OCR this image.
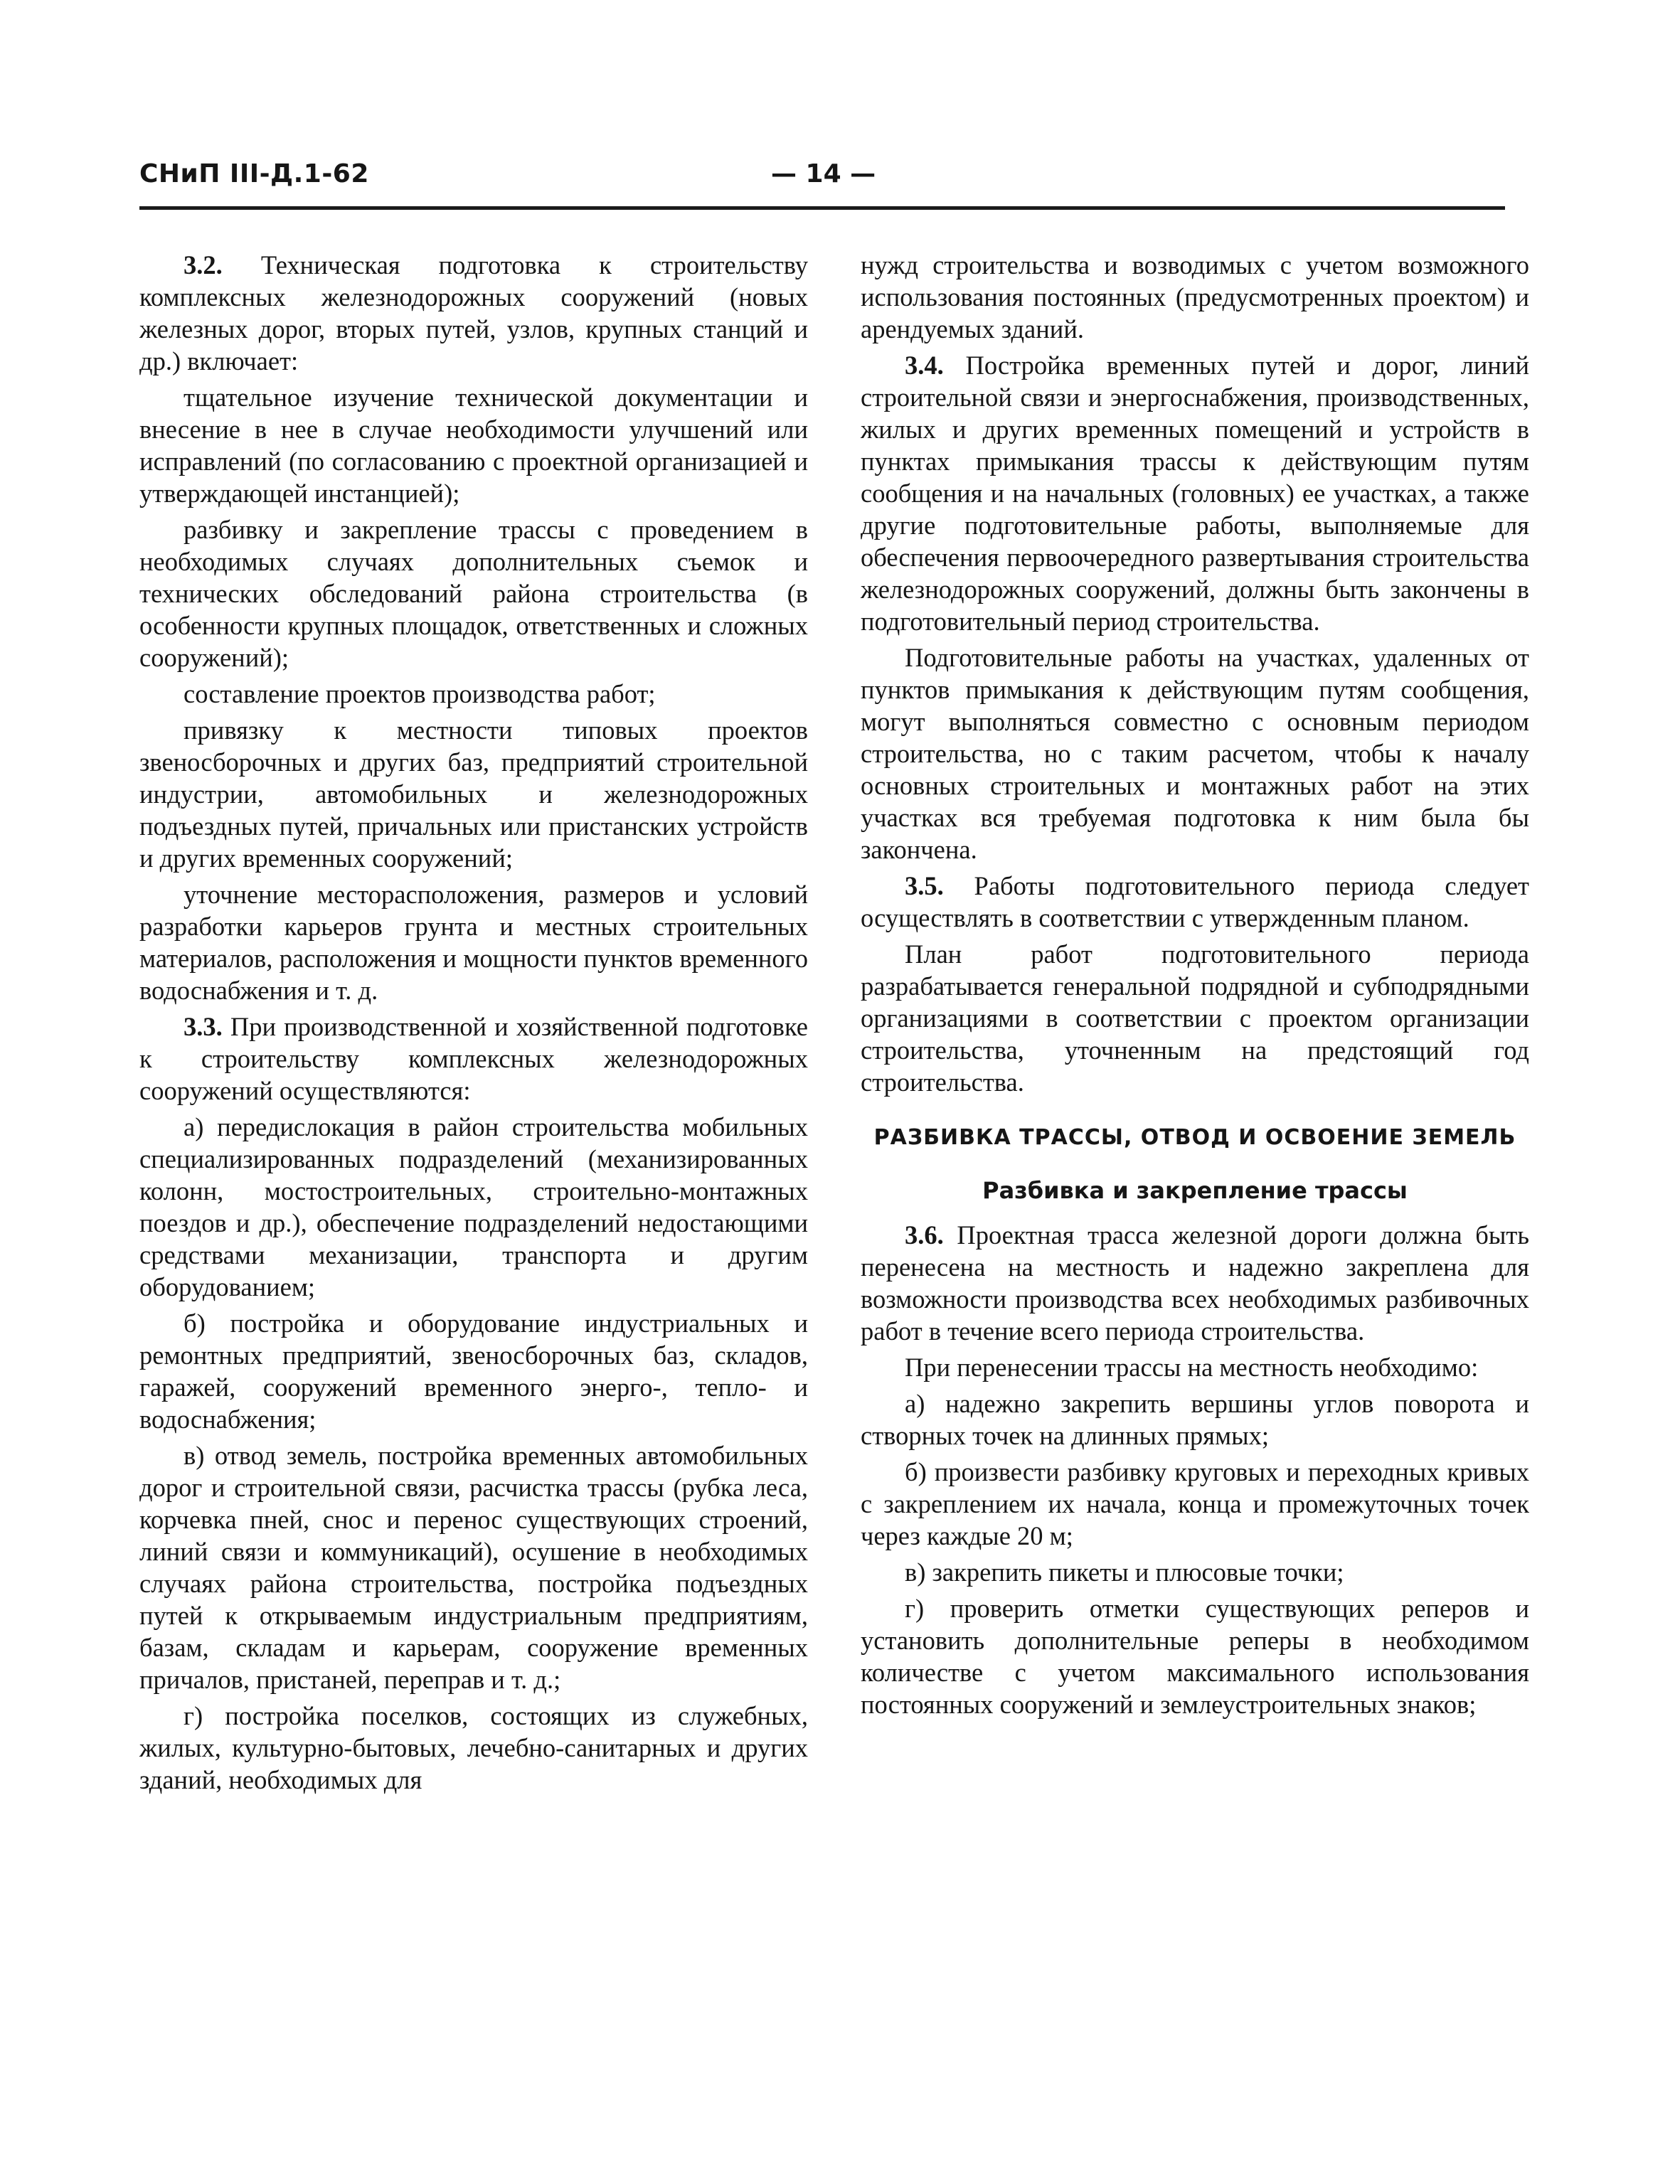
СНиП III-Д.1-62	— 14 —

3.2. Техническая подготовка к строительству комплексных железнодорожных сооружений (новых железных дорог, вторых путей, узлов, крупных станций и др.) включает:

тщательное изучение технической документации и внесение в нее в случае необходимости улучшений или исправлений (по согласованию с проектной организацией и утверждающей инстанцией);

разбивку и закрепление трассы с проведением в необходимых случаях дополнительных съемок и технических обследований района строительства (в особенности крупных площадок, ответственных и сложных сооружений);

составление проектов производства работ;

привязку к местности типовых проектов звеносборочных и других баз, предприятий строительной индустрии, автомобильных и железнодорожных подъездных путей, причальных или пристанских устройств и других временных сооружений;

уточнение месторасположения, размеров и условий разработки карьеров грунта и местных строительных материалов, расположения и мощности пунктов временного водоснабжения и т. д.

3.3. При производственной и хозяйственной подготовке к строительству комплексных железнодорожных сооружений осуществляются:

а) передислокация в район строительства мобильных специализированных подразделений (механизированных колонн, мостостроительных, строительно-монтажных поездов и др.), обеспечение подразделений недостающими средствами механизации, транспорта и другим оборудованием;

б) постройка и оборудование индустриальных и ремонтных предприятий, звеносборочных баз, складов, гаражей, сооружений временного энерго-, тепло- и водоснабжения;

в) отвод земель, постройка временных автомобильных дорог и строительной связи, расчистка трассы (рубка леса, корчевка пней, снос и перенос существующих строений, линий связи и коммуникаций), осушение в необходимых случаях района строительства, постройка подъездных путей к открываемым индустриальным предприятиям, базам, складам и карьерам, сооружение временных причалов, пристаней, переправ и т. д.;

г) постройка поселков, состоящих из служебных, жилых, культурно-бытовых, лечебно-санитарных и других зданий, необходимых для

нужд строительства и возводимых с учетом возможного использования постоянных (предусмотренных проектом) и арендуемых зданий.

3.4. Постройка временных путей и дорог, линий строительной связи и энергоснабжения, производственных, жилых и других временных помещений и устройств в пунктах примыкания трассы к действующим путям сообщения и на начальных (головных) ее участках, а также другие подготовительные работы, выполняемые для обеспечения первоочередного развертывания строительства железнодорожных сооружений, должны быть закончены в подготовительный период строительства.

Подготовительные работы на участках, удаленных от пунктов примыкания к действующим путям сообщения, могут выполняться совместно с основным периодом строительства, но с таким расчетом, чтобы к началу основных строительных и монтажных работ на этих участках вся требуемая подготовка к ним была бы закончена.

3.5. Работы подготовительного периода следует осуществлять в соответствии с утвержденным планом.

План работ подготовительного периода разрабатывается генеральной подрядной и субподрядными организациями в соответствии с проектом организации строительства, уточненным на предстоящий год строительства.

РАЗБИВКА ТРАССЫ, ОТВОД И ОСВОЕНИЕ ЗЕМЕЛЬ
Разбивка и закрепление трассы

3.6. Проектная трасса железной дороги должна быть перенесена на местность и надежно закреплена для возможности производства всех необходимых разбивочных работ в течение всего периода строительства.

При перенесении трассы на местность необходимо:

а) надежно закрепить вершины углов поворота и створных точек на длинных прямых;

б) произвести разбивку круговых и переходных кривых с закреплением их начала, конца и промежуточных точек через каждые 20 м;

в) закрепить пикеты и плюсовые точки;

г) проверить отметки существующих реперов и установить дополнительные реперы в необходимом количестве с учетом максимального использования постоянных сооружений и землеустроительных знаков;
